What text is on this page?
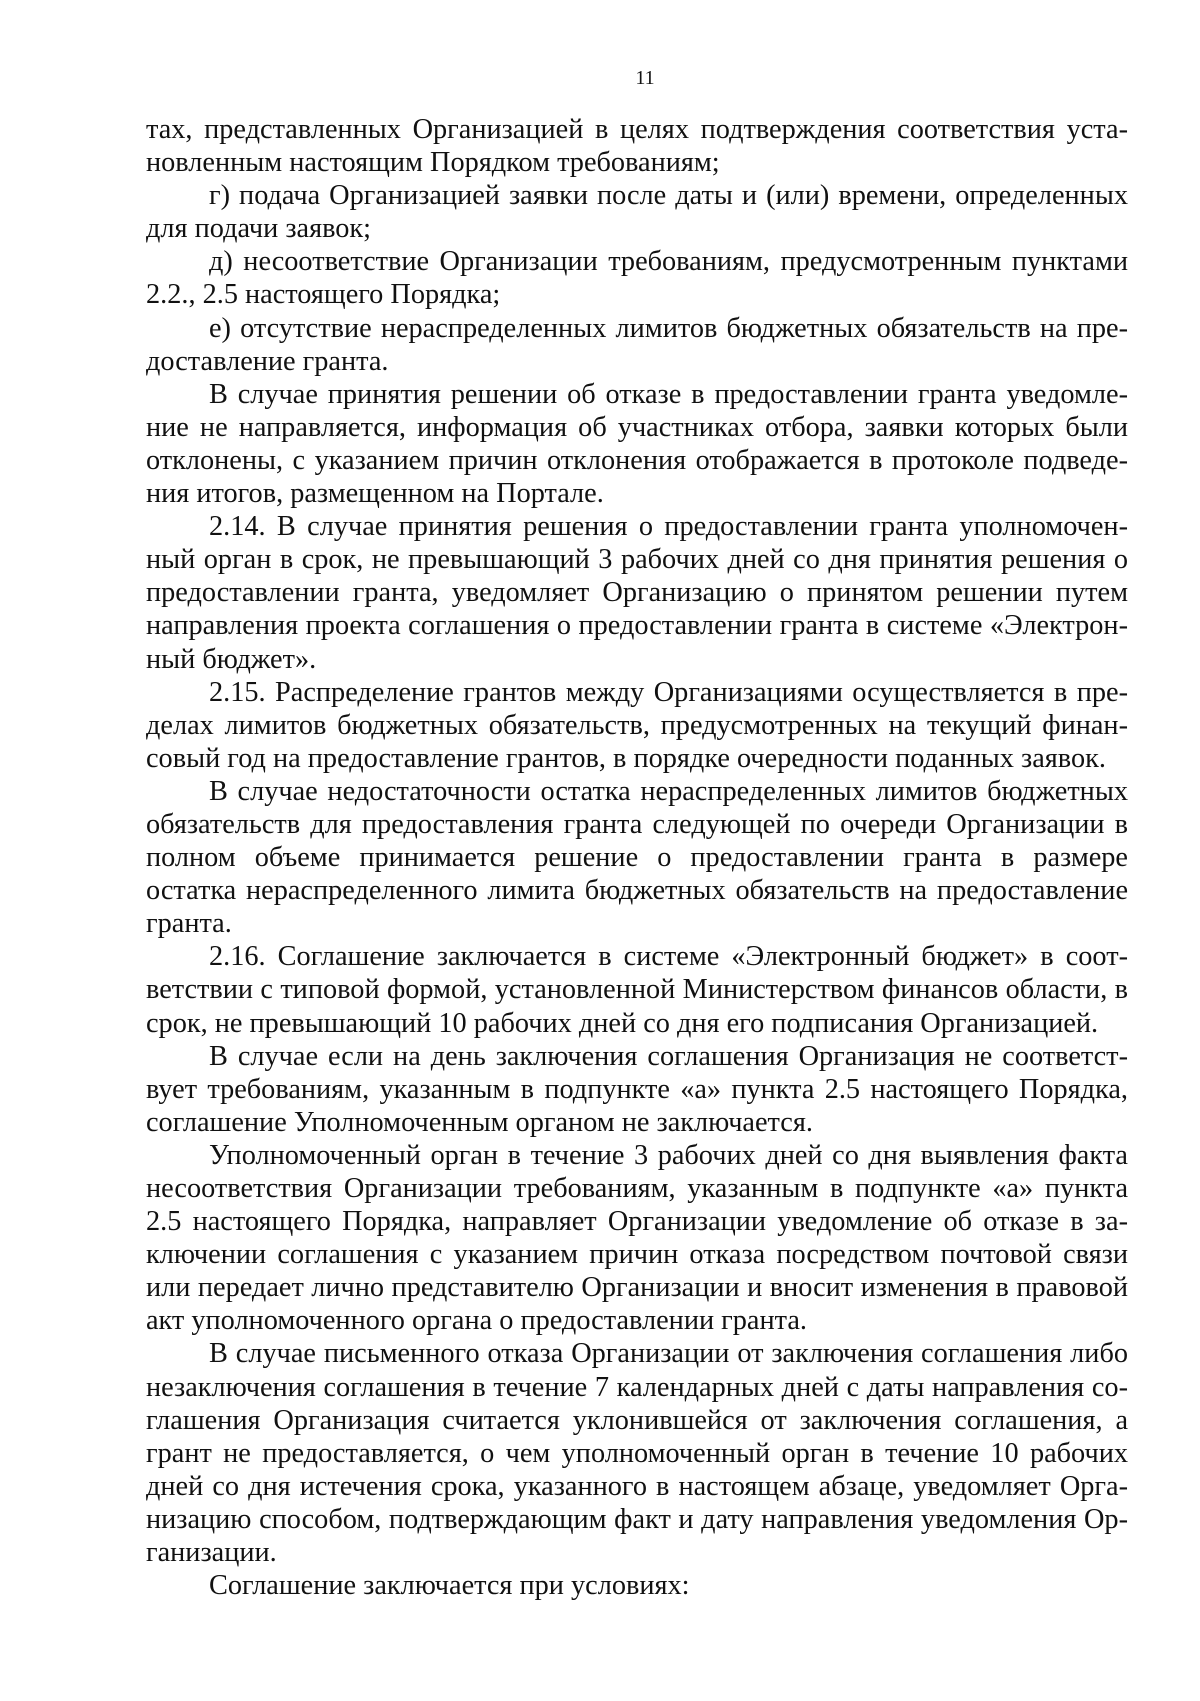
11

тах, представленных Организацией в целях подтверждения соответствия установленным настоящим Порядком требованиям;

г) подача Организацией заявки после даты и (или) времени, определенных для подачи заявок;

д) несоответствие Организации требованиям, предусмотренным пунктами 2.2., 2.5 настоящего Порядка;

е) отсутствие нераспределенных лимитов бюджетных обязательств на предоставление гранта.

В случае принятия решении об отказе в предоставлении гранта уведомление не направляется, информация об участниках отбора, заявки которых были отклонены, с указанием причин отклонения отображается в протоколе подведения итогов, размещенном на Портале.

2.14. В случае принятия решения о предоставлении гранта уполномоченный орган в срок, не превышающий 3 рабочих дней со дня принятия решения о предоставлении гранта, уведомляет Организацию о принятом решении путем направления проекта соглашения о предоставлении гранта в системе «Электронный бюджет».

2.15. Распределение грантов между Организациями осуществляется в пределах лимитов бюджетных обязательств, предусмотренных на текущий финансовый год на предоставление грантов, в порядке очередности поданных заявок.

В случае недостаточности остатка нераспределенных лимитов бюджетных обязательств для предоставления гранта следующей по очереди Организации в полном объеме принимается решение о предоставлении гранта в размере остатка нераспределенного лимита бюджетных обязательств на предоставление гранта.

2.16. Соглашение заключается в системе «Электронный бюджет» в соответствии с типовой формой, установленной Министерством финансов области, в срок, не превышающий 10 рабочих дней со дня его подписания Организацией.

В случае если на день заключения соглашения Организация не соответствует требованиям, указанным в подпункте «а» пункта 2.5 настоящего Порядка, соглашение Уполномоченным органом не заключается.

Уполномоченный орган в течение 3 рабочих дней со дня выявления факта несоответствия Организации требованиям, указанным в подпункте «а» пункта 2.5 настоящего Порядка, направляет Организации уведомление об отказе в заключении соглашения с указанием причин отказа посредством почтовой связи или передает лично представителю Организации и вносит изменения в правовой акт уполномоченного органа о предоставлении гранта.

В случае письменного отказа Организации от заключения соглашения либо незаключения соглашения в течение 7 календарных дней с даты направления соглашения Организация считается уклонившейся от заключения соглашения, а грант не предоставляется, о чем уполномоченный орган в течение 10 рабочих дней со дня истечения срока, указанного в настоящем абзаце, уведомляет Организацию способом, подтверждающим факт и дату направления уведомления Организации.

Соглашение заключается при условиях:
